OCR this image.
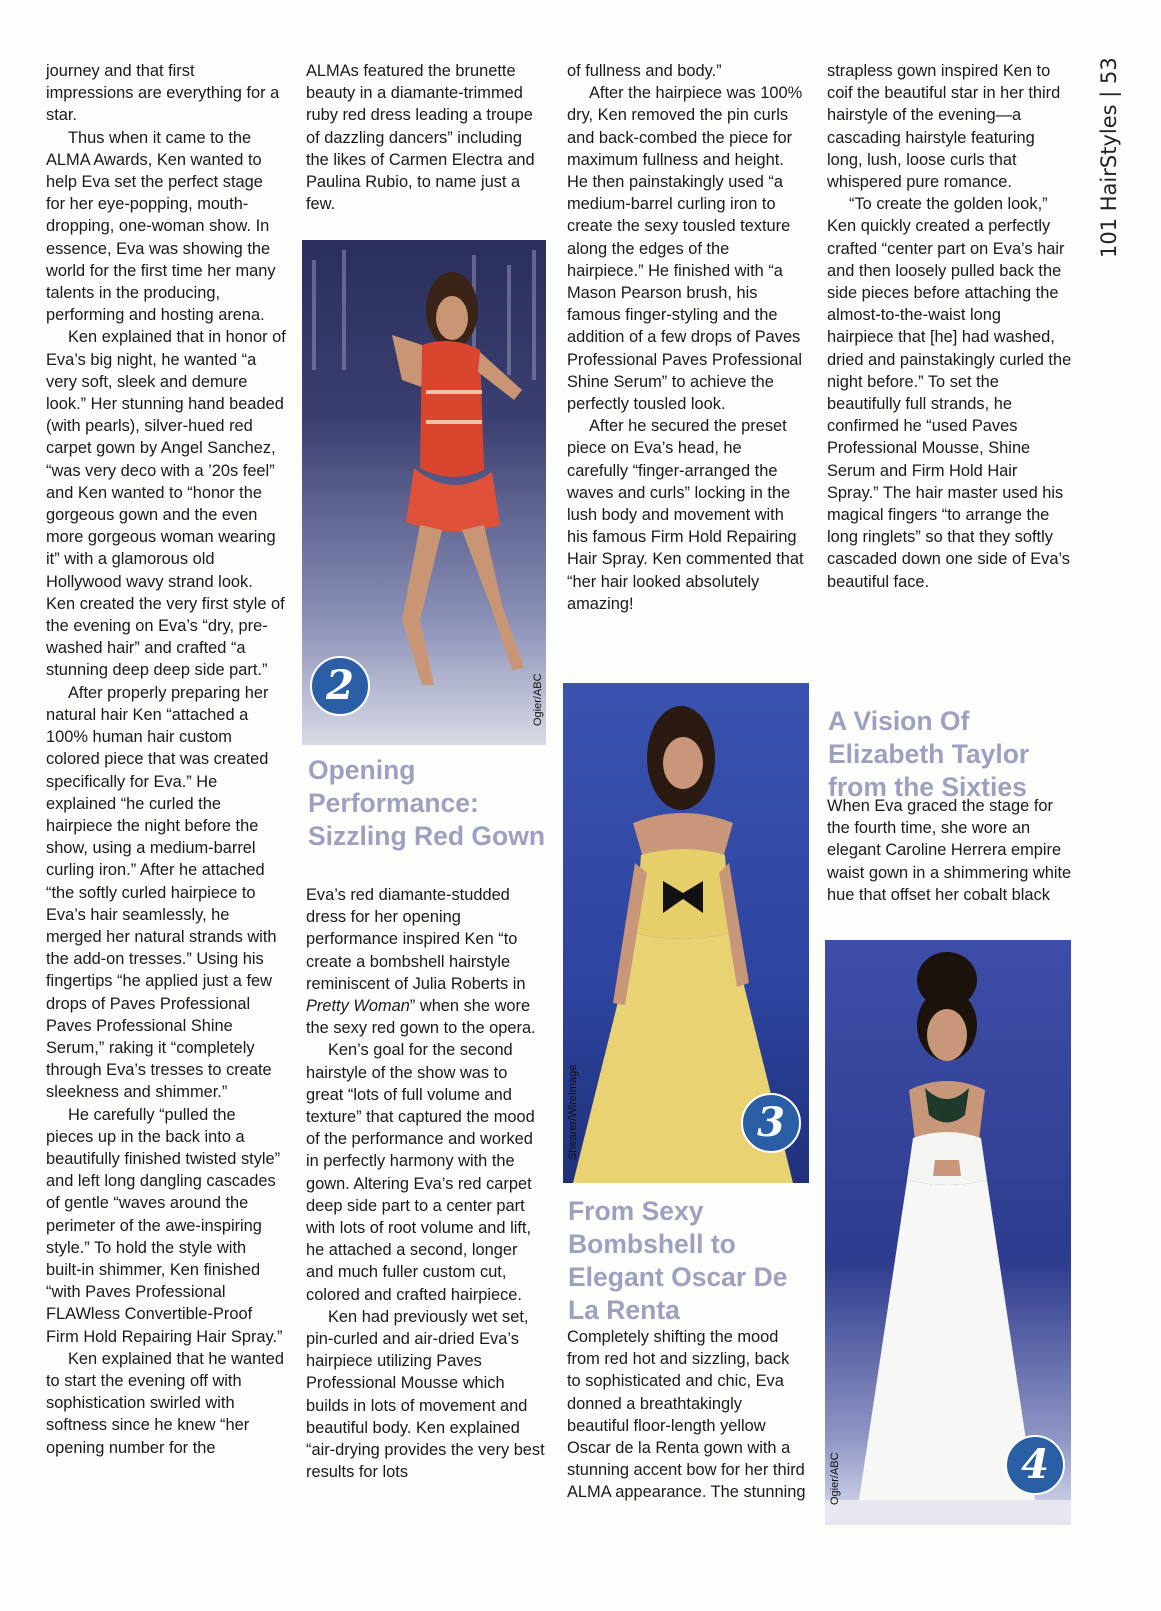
101 HairStyles | 53

journey and that first impressions are everything for a star.

Thus when it came to the ALMA Awards, Ken wanted to help Eva set the perfect stage for her eye-popping, mouth-dropping, one-woman show. In essence, Eva was showing the world for the first time her many talents in the producing, performing and hosting arena.

Ken explained that in honor of Eva’s big night, he wanted “a very soft, sleek and demure look.” Her stunning hand beaded (with pearls), silver-hued red carpet gown by Angel Sanchez, “was very deco with a ’20s feel” and Ken wanted to “honor the gorgeous gown and the even more gorgeous woman wearing it” with a glamorous old Hollywood wavy strand look. Ken created the very first style of the evening on Eva’s “dry, pre-washed hair” and crafted “a stunning deep deep side part.”

After properly preparing her natural hair Ken “attached a 100% human hair custom colored piece that was created specifically for Eva.” He explained “he curled the hairpiece the night before the show, using a medium-barrel curling iron.” After he attached “the softly curled hairpiece to Eva’s hair seamlessly, he merged her natural strands with the add-on tresses.” Using his fingertips “he applied just a few drops of Paves Professional Paves Professional Shine Serum,” raking it “completely through Eva’s tresses to create sleekness and shimmer.”

He carefully “pulled the pieces up in the back into a beautifully finished twisted style” and left long dangling cascades of gentle “waves around the perimeter of the awe-inspiring style.” To hold the style with built-in shimmer, Ken finished “with Paves Professional FLAWless Convertible-Proof Firm Hold Repairing Hair Spray.”

Ken explained that he wanted to start the evening off with sophistication swirled with softness since he knew “her opening number for the

ALMAs featured the brunette beauty in a diamante-trimmed ruby red dress leading a troupe of dazzling dancers” including the likes of Carmen Electra and Paulina Rubio, to name just a few.

2	Ogier/ABC
Opening Performance: Sizzling Red Gown

Eva’s red diamante-studded dress for her opening performance inspired Ken “to create a bombshell hairstyle reminiscent of Julia Roberts in Pretty Woman” when she wore the sexy red gown to the opera.

Ken’s goal for the second hairstyle of the show was to great “lots of full volume and texture” that captured the mood of the performance and worked in perfectly harmony with the gown. Altering Eva’s red carpet deep side part to a center part with lots of root volume and lift, he attached a second, longer and much fuller custom cut, colored and crafted hairpiece.

Ken had previously wet set, pin-curled and air-dried Eva’s hairpiece utilizing Paves Professional Mousse which builds in lots of movement and beautiful body. Ken explained “air-drying provides the very best results for lots

of fullness and body.”

After the hairpiece was 100% dry, Ken removed the pin curls and back-combed the piece for maximum fullness and height. He then painstakingly used “a medium-barrel curling iron to create the sexy tousled texture along the edges of the hairpiece.” He finished with “a Mason Pearson brush, his famous finger-styling and the addition of a few drops of Paves Professional Paves Professional Shine Serum” to achieve the perfectly tousled look.

After he secured the preset piece on Eva’s head, he carefully “finger-arranged the waves and curls” locking in the lush body and movement with his famous Firm Hold Repairing Hair Spray. Ken commented that “her hair looked absolutely amazing!

3
Shearer/WireImage
From Sexy Bombshell to Elegant Oscar De La Renta

Completely shifting the mood from red hot and sizzling, back to sophisticated and chic, Eva donned a breathtakingly beautiful floor-length yellow Oscar de la Renta gown with a stunning accent bow for her third ALMA appearance. The stunning

strapless gown inspired Ken to coif the beautiful star in her third hairstyle of the evening—a cascading hairstyle featuring long, lush, loose curls that whispered pure romance.

“To create the golden look,” Ken quickly created a perfectly crafted “center part on Eva’s hair and then loosely pulled back the side pieces before attaching the almost-to-the-waist long hairpiece that [he] had washed, dried and painstakingly curled the night before.” To set the beautifully full strands, he confirmed he “used Paves Professional Mousse, Shine Serum and Firm Hold Hair Spray.” The hair master used his magical fingers “to arrange the long ringlets” so that they softly cascaded down one side of Eva’s beautiful face.

A Vision Of Elizabeth Taylor from the Sixties

When Eva graced the stage for the fourth time, she wore an elegant Caroline Herrera empire waist gown in a shimmering white hue that offset her cobalt black

4
Ogier/ABC
